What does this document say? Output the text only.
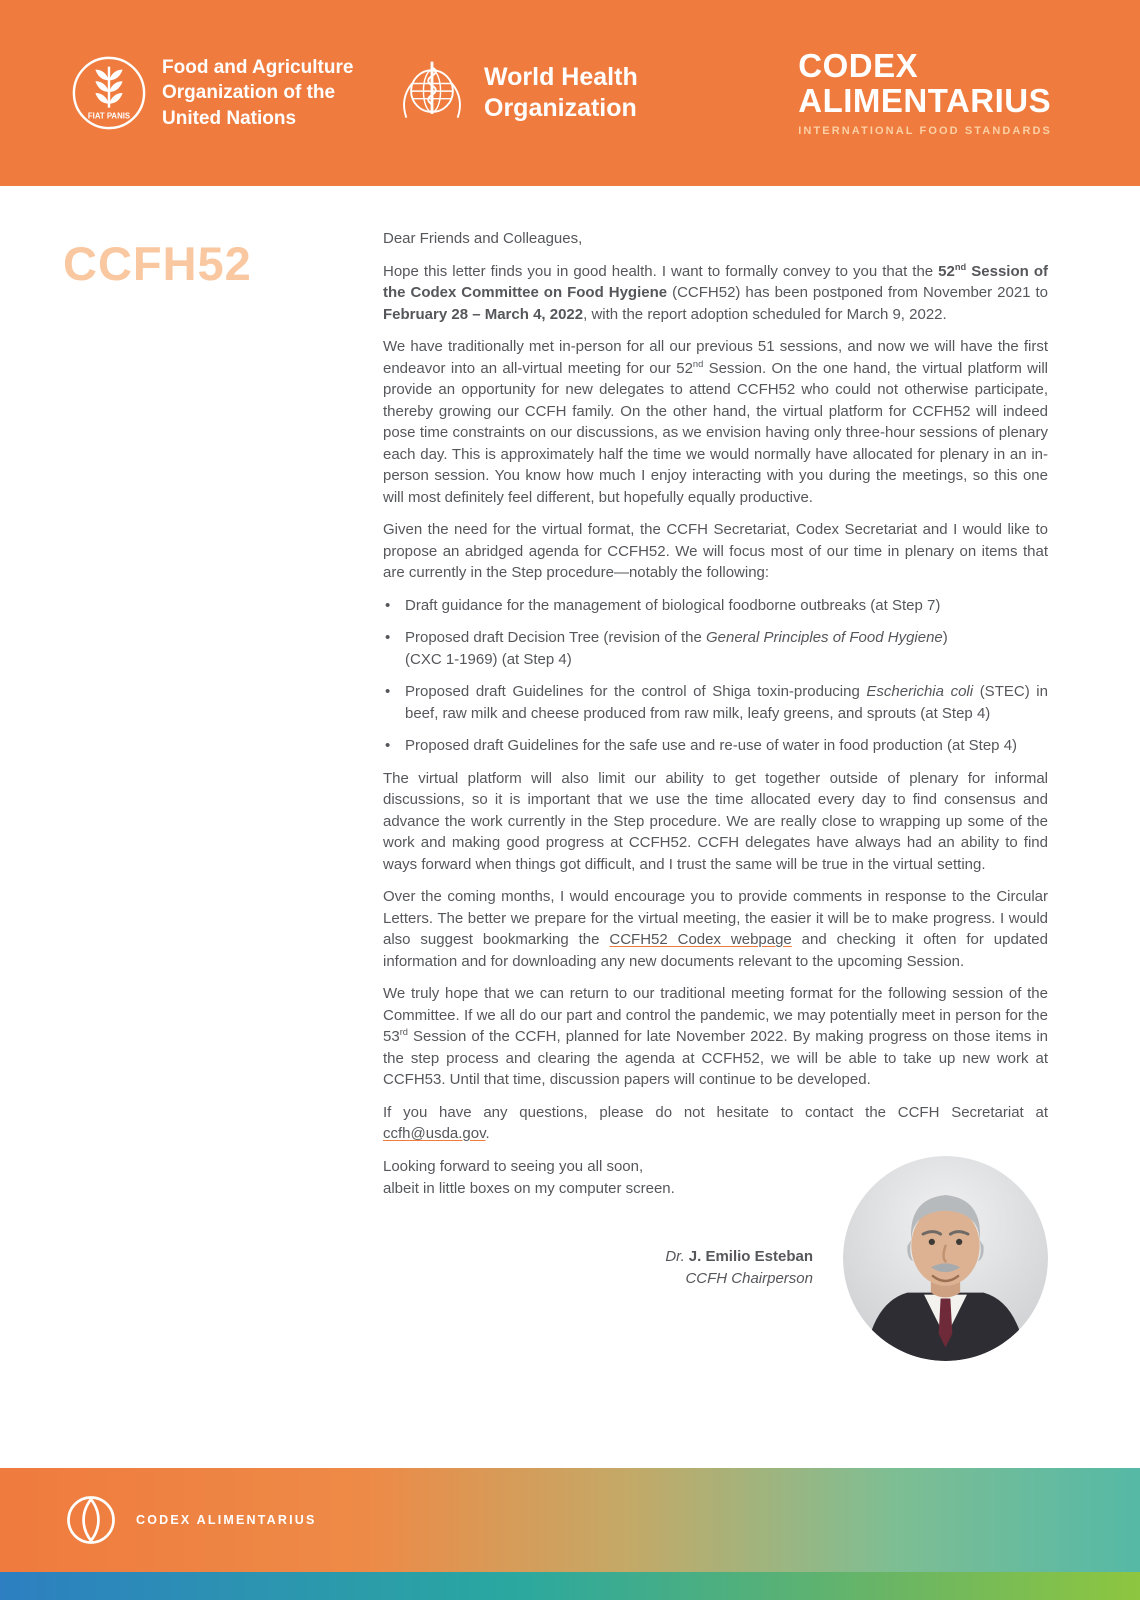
FIAT PANIS
Food and Agriculture
Organization of the
United Nations
World Health
Organization
CODEX
ALIMENTARIUS
INTERNATIONAL FOOD STANDARDS
CCFH52	Dear Friends and Colleagues,

Hope this letter finds you in good health. I want to formally convey to you that the 52nd Session of the Codex Committee on Food Hygiene (CCFH52) has been postponed from November 2021 to February 28 – March 4, 2022, with the report adoption scheduled for March 9, 2022.

We have traditionally met in-person for all our previous 51 sessions, and now we will have the first endeavor into an all-virtual meeting for our 52nd Session. On the one hand, the virtual platform will provide an opportunity for new delegates to attend CCFH52 who could not otherwise participate, thereby growing our CCFH family. On the other hand, the virtual platform for CCFH52 will indeed pose time constraints on our discussions, as we envision having only three-hour sessions of plenary each day. This is approximately half the time we would normally have allocated for plenary in an in-person session. You know how much I enjoy interacting with you during the meetings, so this one will most definitely feel different, but hopefully equally productive.

Given the need for the virtual format, the CCFH Secretariat, Codex Secretariat and I would like to propose an abridged agenda for CCFH52. We will focus most of our time in plenary on items that are currently in the Step procedure—notably the following:

• Draft guidance for the management of biological foodborne outbreaks (at Step 7)
• Proposed draft Decision Tree (revision of the General Principles of Food Hygiene)
(CXC 1-1969) (at Step 4)
• Proposed draft Guidelines for the control of Shiga toxin-producing Escherichia coli (STEC) in beef, raw milk and cheese produced from raw milk, leafy greens, and sprouts (at Step 4)
• Proposed draft Guidelines for the safe use and re-use of water in food production (at Step 4)

The virtual platform will also limit our ability to get together outside of plenary for informal discussions, so it is important that we use the time allocated every day to find consensus and advance the work currently in the Step procedure. We are really close to wrapping up some of the work and making good progress at CCFH52. CCFH delegates have always had an ability to find ways forward when things got difficult, and I trust the same will be true in the virtual setting.

Over the coming months, I would encourage you to provide comments in response to the Circular Letters. The better we prepare for the virtual meeting, the easier it will be to make progress. I would also suggest bookmarking the CCFH52 Codex webpage and checking it often for updated information and for downloading any new documents relevant to the upcoming Session.

We truly hope that we can return to our traditional meeting format for the following session of the Committee. If we all do our part and control the pandemic, we may potentially meet in person for the 53rd Session of the CCFH, planned for late November 2022. By making progress on those items in the step process and clearing the agenda at CCFH52, we will be able to take up new work at CCFH53. Until that time, discussion papers will continue to be developed.

If you have any questions, please do not hesitate to contact the CCFH Secretariat at ccfh@usda.gov.

Looking forward to seeing you all soon,
albeit in little boxes on my computer screen.

Dr. J. Emilio Esteban
CCFH Chairperson
CODEX ALIMENTARIUS
